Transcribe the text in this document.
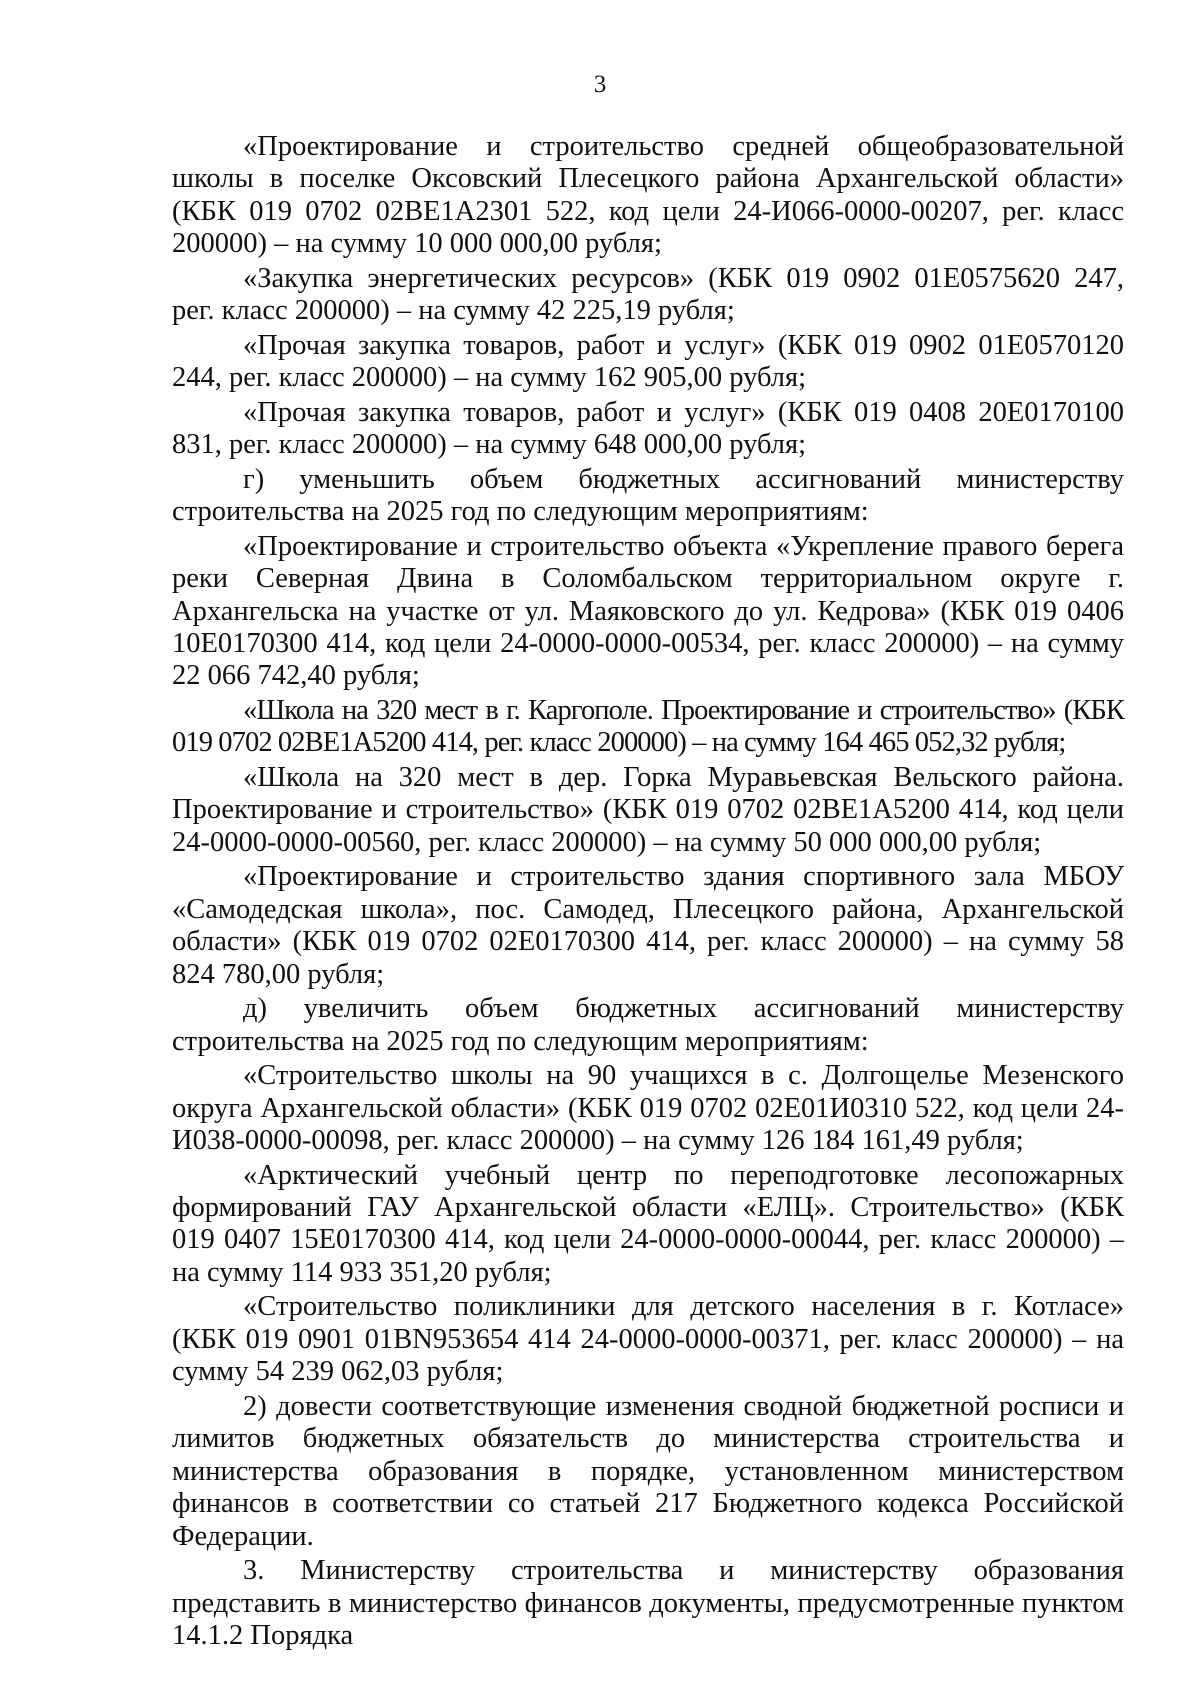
3

«Проектирование и строительство средней общеобразовательной школы в поселке Оксовский Плесецкого района Архангельской области» (КБК 019 0702 02ВЕ1А2301 522, код цели 24-И066-0000-00207, рег. класс 200000) – на сумму 10 000 000,00 рубля;

«Закупка энергетических ресурсов» (КБК 019 0902 01Е0575620 247, рег. класс 200000) – на сумму 42 225,19 рубля;

«Прочая закупка товаров, работ и услуг» (КБК 019 0902 01Е0570120 244, рег. класс 200000) – на сумму 162 905,00 рубля;

«Прочая закупка товаров, работ и услуг» (КБК 019 0408 20Е0170100 831, рег. класс 200000) – на сумму 648 000,00 рубля;

г) уменьшить объем бюджетных ассигнований министерству строительства на 2025 год по следующим мероприятиям:

«Проектирование и строительство объекта «Укрепление правого берега реки Северная Двина в Соломбальском территориальном округе г. Архангельска на участке от ул. Маяковского до ул. Кедрова» (КБК 019 0406 10Е0170300 414, код цели 24-0000-0000-00534, рег. класс 200000) – на сумму 22 066 742,40 рубля;

«Школа на 320 мест в г. Каргополе. Проектирование и строительство» (КБК 019 0702 02ВЕ1А5200 414, рег. класс 200000) – на сумму 164 465 052,32 рубля;

«Школа на 320 мест в дер. Горка Муравьевская Вельского района. Проектирование и строительство» (КБК 019 0702 02ВЕ1А5200 414, код цели 24-0000-0000-00560, рег. класс 200000) – на сумму 50 000 000,00 рубля;

«Проектирование и строительство здания спортивного зала МБОУ «Самодедская школа», пос. Самодед, Плесецкого района, Архангельской области» (КБК 019 0702 02Е0170300 414, рег. класс 200000) – на сумму 58 824 780,00 рубля;

д) увеличить объем бюджетных ассигнований министерству строительства на 2025 год по следующим мероприятиям:

«Строительство школы на 90 учащихся в с. Долгощелье Мезенского округа Архангельской области» (КБК 019 0702 02Е01И0310 522, код цели 24-И038-0000-00098, рег. класс 200000) – на сумму 126 184 161,49 рубля;

«Арктический учебный центр по переподготовке лесопожарных формирований ГАУ Архангельской области «ЕЛЦ». Строительство» (КБК 019 0407 15Е0170300 414, код цели 24-0000-0000-00044, рег. класс 200000) – на сумму 114 933 351,20 рубля;

«Строительство поликлиники для детского населения в г. Котласе» (КБК 019 0901 01ВN953654 414 24-0000-0000-00371, рег. класс 200000) – на сумму 54 239 062,03 рубля;

2) довести соответствующие изменения сводной бюджетной росписи и лимитов бюджетных обязательств до министерства строительства и министерства образования в порядке, установленном министерством финансов в соответствии со статьей 217 Бюджетного кодекса Российской Федерации.

3. Министерству строительства и министерству образования представить в министерство финансов документы, предусмотренные пунктом 14.1.2 Порядка
